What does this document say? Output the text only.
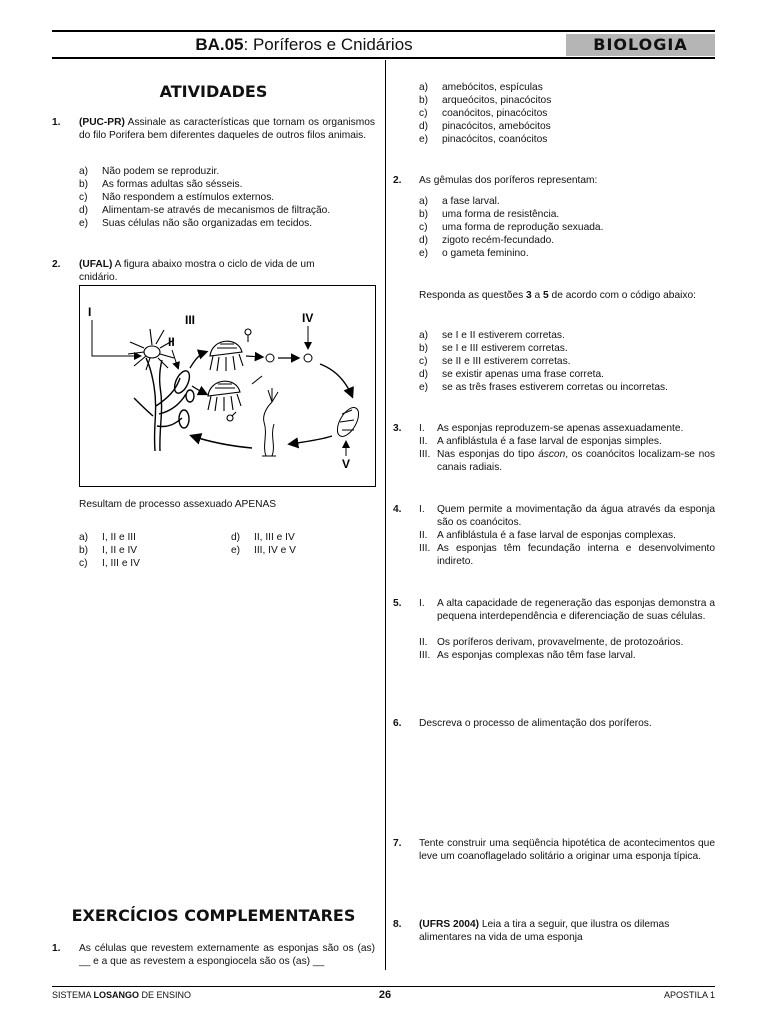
BA.05: Poríferos e Cnidários	BIOLOGIA
ATIVIDADES
1. (PUC-PR) Assinale as características que tornam os organismos do filo Porifera bem diferentes daqueles de outros filos animais.
a) Não podem se reproduzir.
b) As formas adultas são sésseis.
c) Não respondem a estímulos externos.
d) Alimentam-se através de mecanismos de filtração.
e) Suas células não são organizadas em tecidos.
2. (UFAL) A figura abaixo mostra o ciclo de vida de um cnidário.
I
II
III	IV
V
Resultam de processo assexuado APENAS
a) I, II e III
b) I, II e IV
c) I, III e IV
d) II, III e IV
e) III, IV e V
EXERCÍCIOS COMPLEMENTARES
1. As células que revestem externamente as esponjas são os (as) __ e a que as revestem a espongiocela são os (as) __
a) amebócitos, espículas
b) arqueócitos, pinacócitos
c) coanócitos, pinacócitos
d) pinacócitos, amebócitos
e) pinacócitos, coanócitos
2. As gêmulas dos poríferos representam:
a) a fase larval.
b) uma forma de resistência.
c) uma forma de reprodução sexuada.
d) zigoto recém-fecundado.
e) o gameta feminino.
Responda as questões 3 a 5 de acordo com o código abaixo:
a) se I e II estiverem corretas.
b) se I e III estiverem corretas.
c) se II e III estiverem corretas.
d) se existir apenas uma frase correta.
e) se as três frases estiverem corretas ou incorretas.
3. I. As esponjas reproduzem-se apenas assexuadamente.
II. A anfiblástula é a fase larval de esponjas simples.
III. Nas esponjas do tipo áscon, os coanócitos localizam-se nos canais radiais.
4. I. Quem permite a movimentação da água através da esponja são os coanócitos.
II. A anfiblástula é a fase larval de esponjas complexas.
III. As esponjas têm fecundação interna e desenvolvimento indireto.
5. I. A alta capacidade de regeneração das esponjas demonstra a pequena interdependência e diferenciação de suas células.
II. Os poríferos derivam, provavelmente, de protozoários.
III. As esponjas complexas não têm fase larval.
6. Descreva o processo de alimentação dos poríferos.
7. Tente construir uma seqüência hipotética de acontecimentos que leve um coanoflagelado solitário a originar uma esponja típica.
8. (UFRS 2004) Leia a tira a seguir, que ilustra os dilemas alimentares na vida de uma esponja
SISTEMA LOSANGO DE ENSINO	26	APOSTILA 1
